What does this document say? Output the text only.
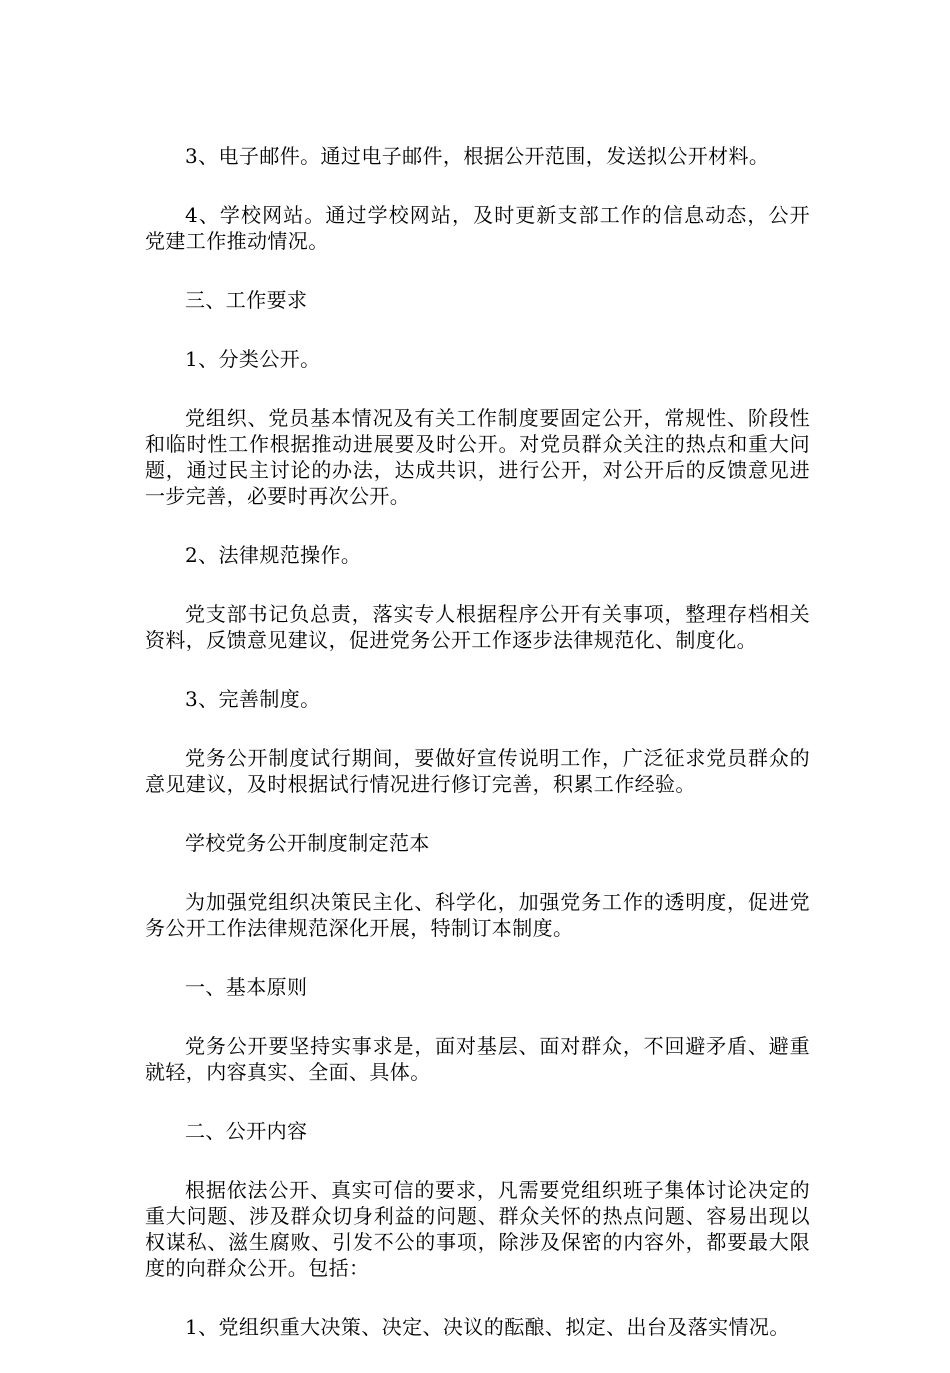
3、电子邮件。通过电子邮件，根据公开范围，发送拟公开材料。

4、学校网站。通过学校网站，及时更新支部工作的信息动态，公开党建工作推动情况。

三、工作要求

1、分类公开。

党组织、党员基本情况及有关工作制度要固定公开，常规性、阶段性和临时性工作根据推动进展要及时公开。对党员群众关注的热点和重大问题，通过民主讨论的办法，达成共识，进行公开，对公开后的反馈意见进一步完善，必要时再次公开。

2、法律规范操作。

党支部书记负总责，落实专人根据程序公开有关事项，整理存档相关资料，反馈意见建议，促进党务公开工作逐步法律规范化、制度化。

3、完善制度。

党务公开制度试行期间，要做好宣传说明工作，广泛征求党员群众的意见建议，及时根据试行情况进行修订完善，积累工作经验。

学校党务公开制度制定范本

为加强党组织决策民主化、科学化，加强党务工作的透明度，促进党务公开工作法律规范深化开展，特制订本制度。

一、基本原则

党务公开要坚持实事求是，面对基层、面对群众，不回避矛盾、避重就轻，内容真实、全面、具体。

二、公开内容

根据依法公开、真实可信的要求，凡需要党组织班子集体讨论决定的重大问题、涉及群众切身利益的问题、群众关怀的热点问题、容易出现以权谋私、滋生腐败、引发不公的事项，除涉及保密的内容外，都要最大限度的向群众公开。包括：

1、党组织重大决策、决定、决议的酝酿、拟定、出台及落实情况。
